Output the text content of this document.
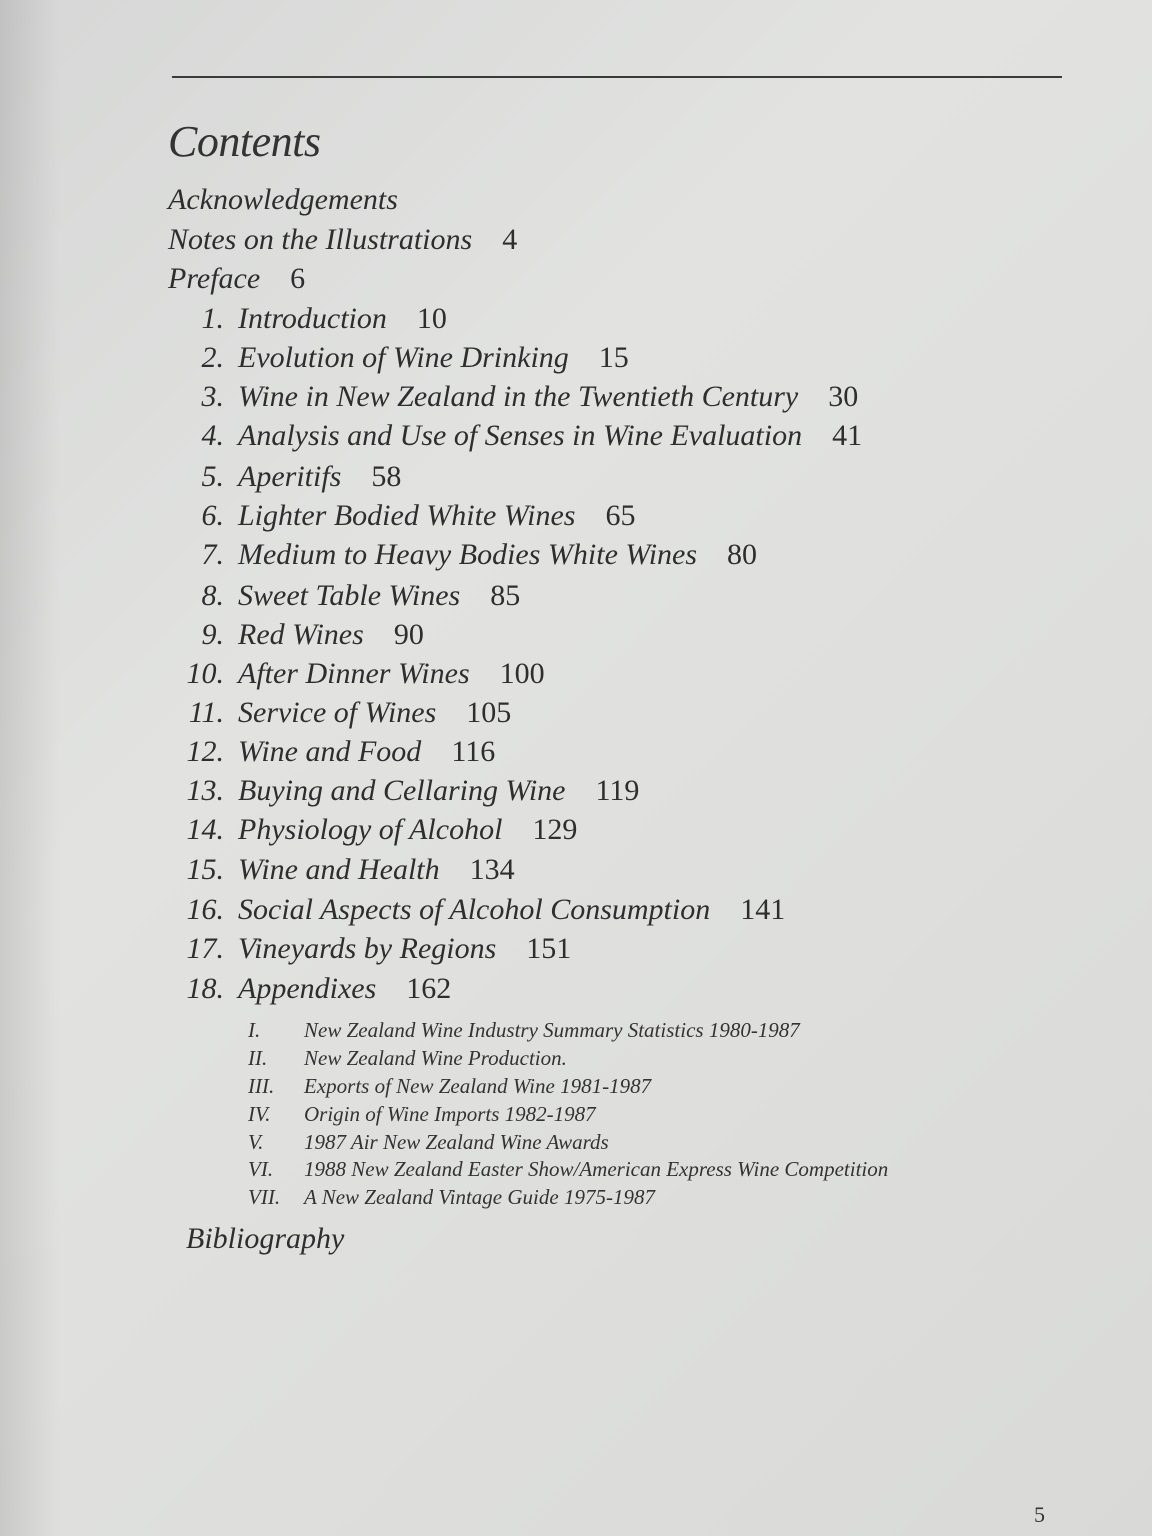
Contents
Acknowledgements
Notes on the Illustrations 4
Preface 6
1. Introduction 10
2. Evolution of Wine Drinking 15
3. Wine in New Zealand in the Twentieth Century 30
4. Analysis and Use of Senses in Wine Evaluation 41
5. Aperitifs 58
6. Lighter Bodied White Wines 65
7. Medium to Heavy Bodies White Wines 80
8. Sweet Table Wines 85
9. Red Wines 90
10. After Dinner Wines 100
11. Service of Wines 105
12. Wine and Food 116
13. Buying and Cellaring Wine 119
14. Physiology of Alcohol 129
15. Wine and Health 134
16. Social Aspects of Alcohol Consumption 141
17. Vineyards by Regions 151
18. Appendixes 162
I. New Zealand Wine Industry Summary Statistics 1980-1987
II. New Zealand Wine Production.
III. Exports of New Zealand Wine 1981-1987
IV. Origin of Wine Imports 1982-1987
V. 1987 Air New Zealand Wine Awards
VI. 1988 New Zealand Easter Show/American Express Wine Competition
VII. A New Zealand Vintage Guide 1975-1987
Bibliography
5
